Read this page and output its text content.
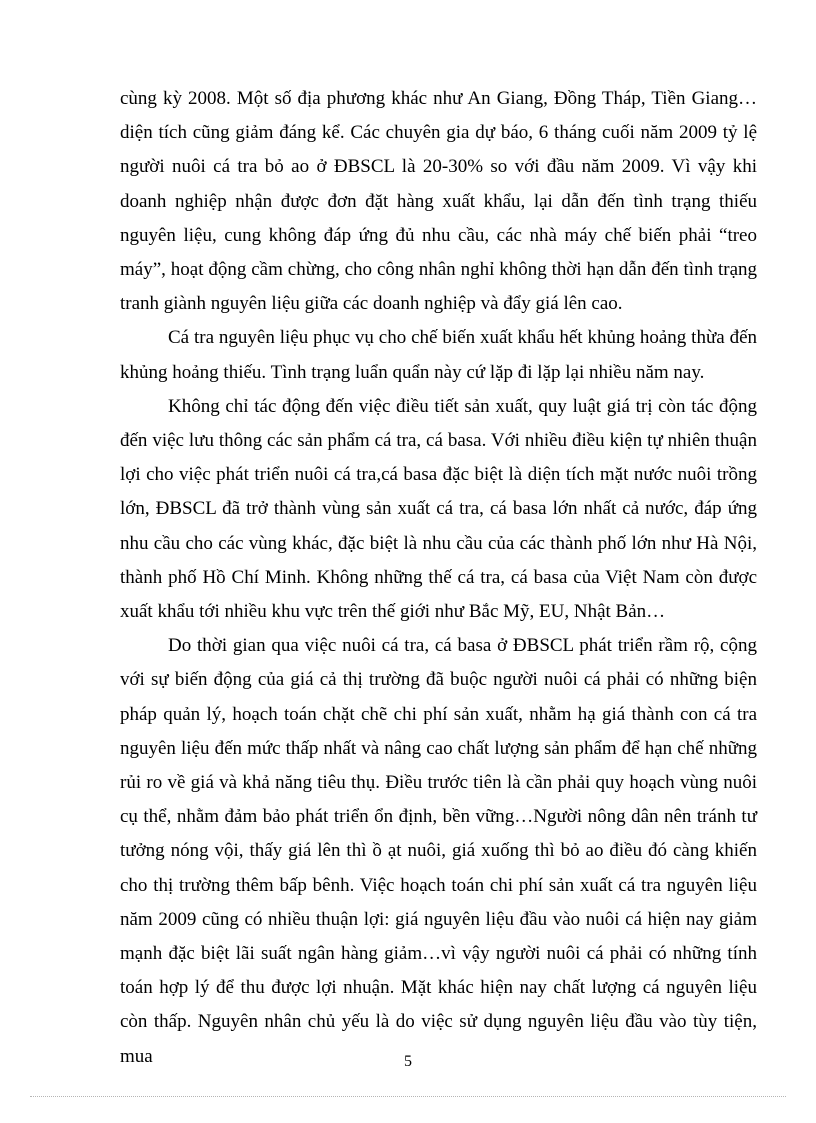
cùng kỳ 2008. Một số địa phương khác như An Giang, Đồng Tháp, Tiền Giang… diện tích cũng giảm đáng kể. Các chuyên gia dự báo, 6 tháng cuối năm 2009 tỷ lệ người nuôi cá tra bỏ ao ở ĐBSCL là 20-30% so với đầu năm 2009. Vì vậy khi doanh nghiệp nhận được đơn đặt hàng xuất khẩu, lại dẫn đến tình trạng thiếu nguyên liệu, cung không đáp ứng đủ nhu cầu, các nhà máy chế biến phải “treo máy”, hoạt động cầm chừng, cho công nhân nghỉ không thời hạn dẫn đến tình trạng tranh giành nguyên liệu giữa các doanh nghiệp và đẩy giá lên cao.

Cá tra nguyên liệu phục vụ cho chế biến xuất khẩu hết khủng hoảng thừa đến khủng hoảng thiếu. Tình trạng luẩn quẩn này cứ lặp đi lặp lại nhiều năm nay.

Không chỉ tác động đến việc điều tiết sản xuất, quy luật giá trị còn tác động đến việc lưu thông các sản phẩm cá tra, cá basa. Với nhiều điều kiện tự nhiên thuận lợi cho việc phát triển nuôi cá tra,cá basa đặc biệt là diện tích mặt nước nuôi trồng lớn, ĐBSCL đã trở thành vùng sản xuất cá tra, cá basa lớn nhất cả nước, đáp ứng nhu cầu cho các vùng khác, đặc biệt là nhu cầu của các thành phố lớn như Hà Nội, thành phố Hồ Chí Minh. Không những thế cá tra, cá basa của Việt Nam còn được xuất khẩu tới nhiều khu vực trên thế giới như Bắc Mỹ, EU, Nhật Bản…

Do thời gian qua việc nuôi cá tra, cá basa ở ĐBSCL phát triển rầm rộ, cộng với sự biến động của giá cả thị trường đã buộc người nuôi cá phải có những biện pháp quản lý, hoạch toán chặt chẽ chi phí sản xuất, nhằm hạ giá thành con cá tra nguyên liệu đến mức thấp nhất và nâng cao chất lượng sản phẩm để hạn chế những rủi ro về giá và khả năng tiêu thụ. Điều trước tiên là cần phải quy hoạch vùng nuôi cụ thể, nhằm đảm bảo phát triển ổn định, bền vững…Người nông dân nên tránh tư tưởng nóng vội, thấy giá lên thì ồ ạt nuôi, giá xuống thì bỏ ao điều đó càng khiến cho thị trường thêm bấp bênh. Việc hoạch toán chi phí sản xuất cá tra nguyên liệu năm 2009 cũng có nhiều thuận lợi: giá nguyên liệu đầu vào nuôi cá hiện nay giảm mạnh đặc biệt lãi suất ngân hàng giảm…vì vậy người nuôi cá phải có những tính toán hợp lý để thu được lợi nhuận. Mặt khác hiện nay chất lượng cá nguyên liệu còn thấp. Nguyên nhân chủ yếu là do việc sử dụng nguyên liệu đầu vào tùy tiện, mua	5
